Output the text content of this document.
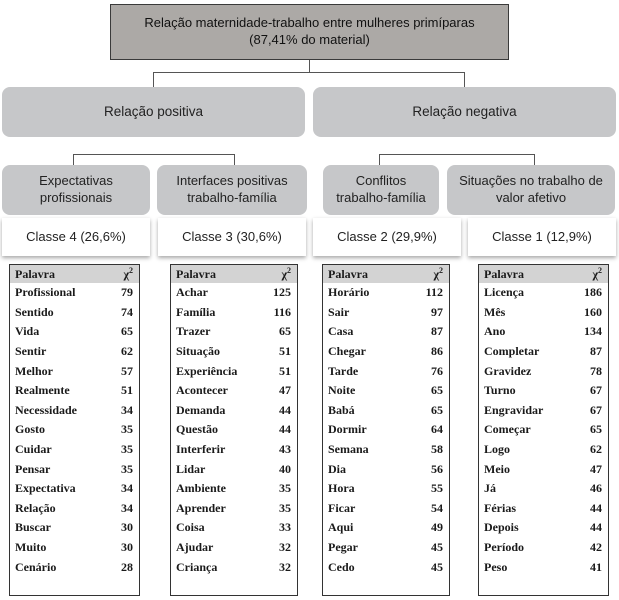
Relação maternidade-trabalho entre mulheres primíparas
(87,41% do material)
Relação positiva	Relação negativa
Expectativas profissionais
Interfaces positivas trabalho-família
Conflitos trabalho-família
Situações no trabalho de valor afetivo
Classe 4 (26,6%)	Classe 3 (30,6%)	Classe 2 (29,9%)	Classe 1 (12,9%)
Palavra	$\chi^2$
Profissional	79
Sentido	74
Vida	65
Sentir	62
Melhor	57
Realmente	51
Necessidade	34
Gosto	35
Cuidar	35
Pensar	35
Expectativa	34
Relação	34
Buscar	30
Muito	30
Cenário	28
Palavra	$\chi^2$
Achar	125
Família	116
Trazer	65
Situação	51
Experiência	51
Acontecer	47
Demanda	44
Questão	44
Interferir	43
Lidar	40
Ambiente	35
Aprender	35
Coisa	33
Ajudar	32
Criança	32
Palavra	$\chi^2$
Horário	112
Sair	97
Casa	87
Chegar	86
Tarde	76
Noite	65
Babá	65
Dormir	64
Semana	58
Dia	56
Hora	55
Ficar	54
Aqui	49
Pegar	45
Cedo	45
Palavra	$\chi^2$
Licença	186
Mês	160
Ano	134
Completar	87
Gravidez	78
Turno	67
Engravidar	67
Começar	65
Logo	62
Meio	47
Já	46
Férias	44
Depois	44
Período	42
Peso	41
